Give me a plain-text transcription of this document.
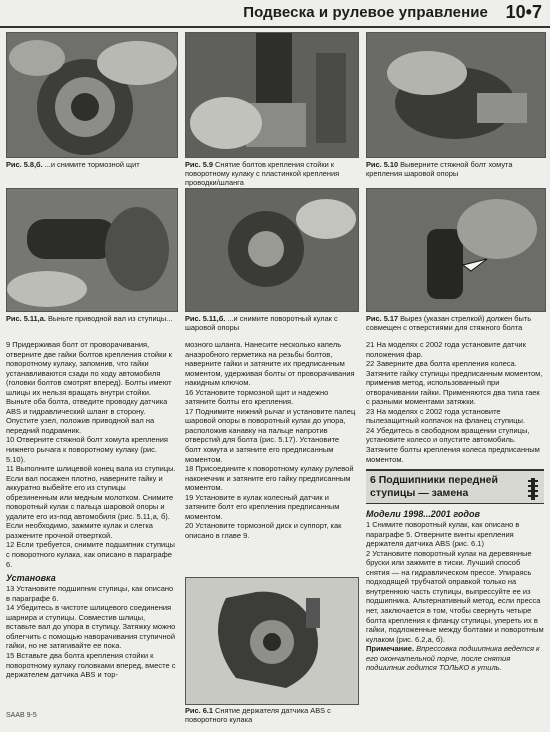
Подвеска и рулевое управление 10•7
Рис. 5.8,б. ...и снимите тормозной щит	Рис. 5.9 Снятие болтов крепления стойки к поворотному кулаку с пластинкой крепления проводки/шланга
Рис. 5.10 Выверните стяжной болт хомута крепления шаровой опоры
Рис. 5.11,а. Выньте приводной вал из ступицы...	Рис. 5.11,б. ...и снимите поворотный кулак с шаровой опоры
Рис. 5.17 Вырез (указан стрелкой) должен быть совмещен с отверстиями для стяжного болта

9 Придерживая болт от проворачивания, отверните две гайки болтов крепления стойки к поворотному кулаку, запомнив, что гайки устанавливаются сзади по ходу автомобиля (головки болтов смотрят вперед). Болты имеют шлицы их нельзя вращать внутри стойки. Выньте оба болта, отведите проводку датчика ABS и гидравлический шланг в сторону. Опустите узел, положив приводной вал на передний подрамник.

10 Отверните стяжной болт хомута крепления нижнего рычага к поворотному кулаку (рис. 5.10).

11 Выполните шлицевой конец вала из ступицы. Если вал посажен плотно, наверните гайку и аккуратно выбейте его из ступицы обрезиненным или медным молотком. Снимите поворотный кулак с пальца шаровой опоры и удалите его из-под автомобиля (рис. 5.11,а, б). Если необходимо, зажмите кулак и слегка разжените прочной отверткой.

12 Если требуется, снимите подшипник ступицы с поворотного кулака, как описано в параграфе 6.

Установка

13 Установите подшипник ступицы, как описано в параграфе 6.

14 Убедитесь в чистоте шлицевого соединения шарнира и ступицы. Совместив шлицы, вставьте вал до упора в ступицу. Затяжку можно облегчить с помощью наворачивания ступичной гайки, но не затягивайте ее пока.

15 Вставьте два болта крепления стойки к поворотному кулаку головками вперед, вместе с держателем датчика ABS и тор-

мозного шланга. Нанесите несколько капель анаэробного герметика на резьбы болтов, наверните гайки и затяните их предписанным моментом, удерживая болты от проворачивания накидным ключом.

16 Установите тормозной щит и надежно затяните болты его крепления.

17 Поднимите нижний рычаг и установите палец шаровой опоры в поворотный кулак до упора, расположив канавку на пальце напротив отверстий для болта (рис. 5.17). Установите болт хомута и затяните его предписанным моментом.

18 Присоедините к поворотному кулаку рулевой наконечник и затяните его гайку предписанным моментом.

19 Установите в кулак колесный датчик и затяните болт его крепления предписанным моментом.

20 Установите тормозной диск и суппорт, как описано в главе 9.

Рис. 6.1 Снятие держателя датчика ABS с поворотного кулака

21 На моделях с 2002 года установите датчик положения фар.

22 Заверните два болта крепления колеса. Затяните гайку ступицы предписанным моментом, применив метод, использованный при отворачивании гайки. Применяются два типа гаек с разными моментами затяжки.

23 На моделях с 2002 года установите пылезащитный колпачок на фланец ступицы.

24 Убедитесь в свободном вращении ступицы, установите колесо и опустите автомобиль. Затяните болты крепления колеса предписанным моментом.

6 Подшипники передней ступицы — замена

Модели 1998...2001 годов

1 Снимите поворотный кулак, как описано в параграфе 5. Отверните винты крепления держателя датчика ABS (рис. 6.1)

2 Установите поворотный кулак на деревянные бруски или зажмите в тиски. Лучший способ снятия — на гидравлическом прессе. Упираясь подходящей трубчатой оправкой только на внутреннюю часть ступицы, выпрессуйте ее из подшипника. Альтернативный метод, если пресса нет, заключается в том, чтобы свернуть четыре болта крепления к фланцу ступицы, упереть их в гайки, подложенные между болтами и поворотным кулаком (рис. 6.2,а, б).

Примечание. Впрессовка подшипника ведется к его окончательной порче, после снятия подшипник годится ТОЛЬКО в утиль.

SAAB 9-5
